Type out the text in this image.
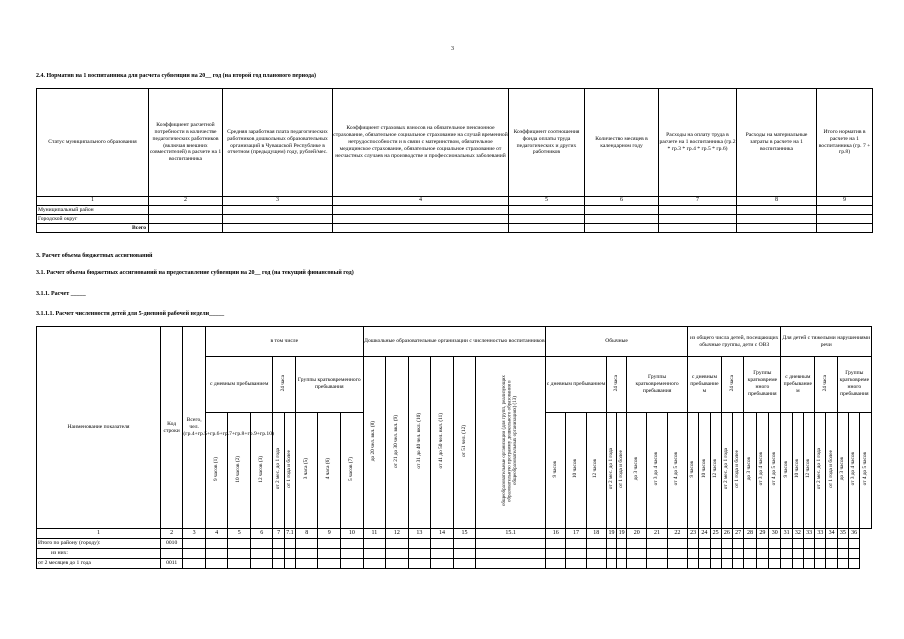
3
2.4. Норматив на 1 воспитанника для расчета субвенции на 20__ год (на второй год планового периода)
Статус муниципального образования	Коэффициент расчетной потребности в количестве педагогических работников (включая внешних совместителей) в расчете на 1 воспитанника	Средняя заработная плата педагогических работников дошкольных образовательных организаций в Чувашской Республике в отчетном (предыдущем) году, рублей/мес.	Коэффициент страховых взносов на обязательное пенсионное страхование, обязательное социальное страхование на случай временной нетрудоспособности и в связи с материнством, обязательное медицинское страхование, обязательное социальное страхование от несчастных случаев на производстве и профессиональных заболеваний	Коэффициент соотношения фонда оплаты труда педагогических и других работников	Количество месяцев в календарном году	Расходы на оплату труда в расчете на 1 воспитанника (гр.2 * гр.3 * гр.4 * гр.5 * гр.6)	Расходы на материальные затраты в расчете на 1 воспитанника	Итого норматив в расчете на 1 воспитанника (гр. 7 + гр.8)
1	2	3	4	5	6	7	8	9
Муниципальный район								
Городской округ								
Всего								
3. Расчет объема бюджетных ассигнований
3.1. Расчет объема бюджетных ассигнований на предоставление субвенции на 20__ год (на текущий финансовый год)
3.1.1. Расчет _____
3.1.1.1. Расчет численности детей для 5-дневной рабочей недели_____
Наименование показателя	Код строки	Всего, чел. (гр.4+гр.5+гр.6+гр.7+гр.8+гр.9+гр.10)	в том числе								Дошкольные образовательные организации с численностью воспитанников						Обычные								из общего числа детей, посещающих обычные группы, дети с ОВЗ								Для детей с тяжелыми нарушениями речи							
			с дневным пребыванием			24 часа		Группы кратковременного пребывания			до 20 чел. вкл. (8)	от 21 до 30 чел. вкл. (9)	от 31 до 40 чел. вкл. (10)	от 41 до 50 чел. вкл. (11)	от 51 чел. (12)	общеобразовательные организации (для групп, реализующих образовательную программу дошкольного образования в общеобразовательных организациях) (13)	с дневным пребыванием			24 часа		Группы кратковременного пребывания			с дневным пребывание м			24 часа		Группы кратковреме нного пребывания			с дневным пребывание м			24 часа		Группы кратковреме нного пребывания		

			9 часов (1)	10 часов (2)	12 часов (3)	от 2 мес. до 1 года	от 1 года и более	3 часа (5)	4 часа (6)	5 часов (7)							9 часов	10 часов	12 часов	от 2 мес. до 1 года	от 1 года и более	до 3 часов	от 3 до 4 часов	от 4 до 5 часов	9 часов	10 часов	12 часов	от 2 мес. до 1 года	от 1 года и более	до 3 часов	от 3 до 4 часов	от 4 до 5 часов	9 часов	10 часов	12 часов	от 2 мес. до 1 года	от 1 года и более	до 3 часов	от 3 до 4 часов	от 4 до 5 часов

1	2	3	4	5	6	7	7.1	8	9	10	11	12	13	14	15	15.1	16	17	18	19	19	20	21	22	23	24	25	26	27	28	29	30	31	32	33	33	34	35	36	
Итого по району (городу):	0010																																							
из них:																																								
от 2 месяцев до 1 года	0011																																							
